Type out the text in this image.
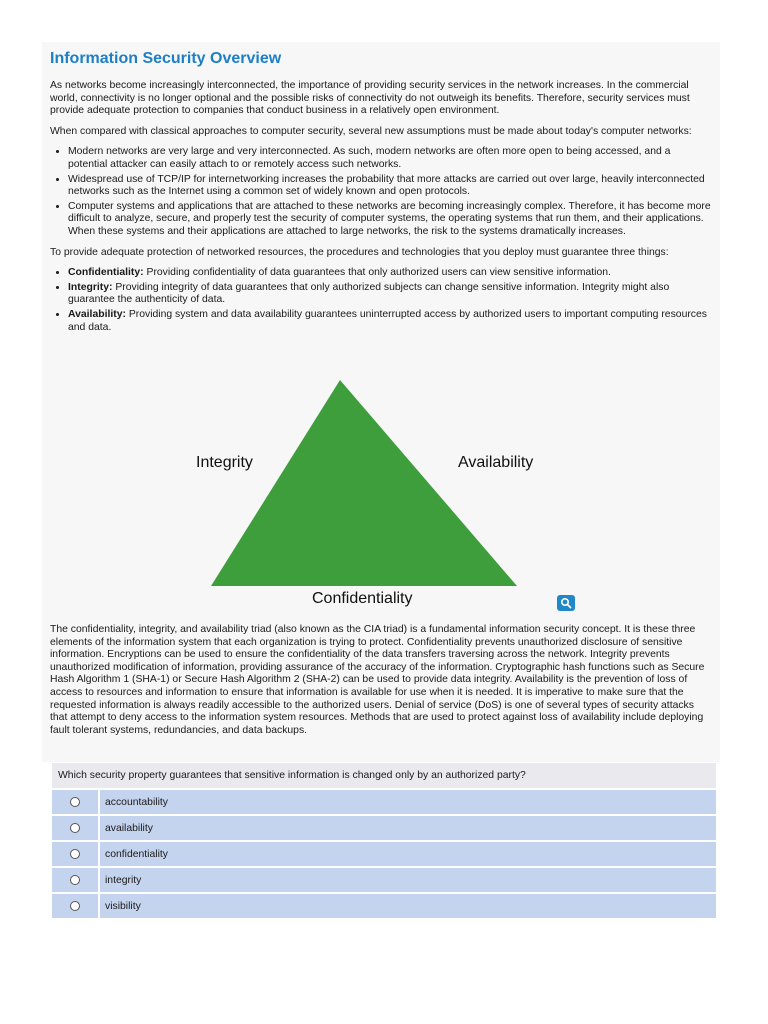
Information Security Overview

As networks become increasingly interconnected, the importance of providing security services in the network increases. In the commercial world, connectivity is no longer optional and the possible risks of connectivity do not outweigh its benefits. Therefore, security services must provide adequate protection to companies that conduct business in a relatively open environment.

When compared with classical approaches to computer security, several new assumptions must be made about today's computer networks:

• Modern networks are very large and very interconnected. As such, modern networks are often more open to being accessed, and a potential attacker can easily attach to or remotely access such networks.
• Widespread use of TCP/IP for internetworking increases the probability that more attacks are carried out over large, heavily interconnected networks such as the Internet using a common set of widely known and open protocols.
• Computer systems and applications that are attached to these networks are becoming increasingly complex. Therefore, it has become more difficult to analyze, secure, and properly test the security of computer systems, the operating systems that run them, and their applications. When these systems and their applications are attached to large networks, the risk to the systems dramatically increases.

To provide adequate protection of networked resources, the procedures and technologies that you deploy must guarantee three things:

• Confidentiality: Providing confidentiality of data guarantees that only authorized users can view sensitive information.
• Integrity: Providing integrity of data guarantees that only authorized subjects can change sensitive information. Integrity might also guarantee the authenticity of data.
• Availability: Providing system and data availability guarantees uninterrupted access by authorized users to important computing resources and data.
Integrity	Availability
Confidentiality

The confidentiality, integrity, and availability triad (also known as the CIA triad) is a fundamental information security concept. It is these three elements of the information system that each organization is trying to protect. Confidentiality prevents unauthorized disclosure of sensitive information. Encryptions can be used to ensure the confidentiality of the data transfers traversing across the network. Integrity prevents unauthorized modification of information, providing assurance of the accuracy of the information. Cryptographic hash functions such as Secure Hash Algorithm 1 (SHA-1) or Secure Hash Algorithm 2 (SHA-2) can be used to provide data integrity. Availability is the prevention of loss of access to resources and information to ensure that information is available for use when it is needed. It is imperative to make sure that the requested information is always readily accessible to the authorized users. Denial of service (DoS) is one of several types of security attacks that attempt to deny access to the information system resources. Methods that are used to protect against loss of availability include deploying fault tolerant systems, redundancies, and data backups.

Which security property guarantees that sensitive information is changed only by an authorized party?
accountability
availability
confidentiality
integrity
visibility
